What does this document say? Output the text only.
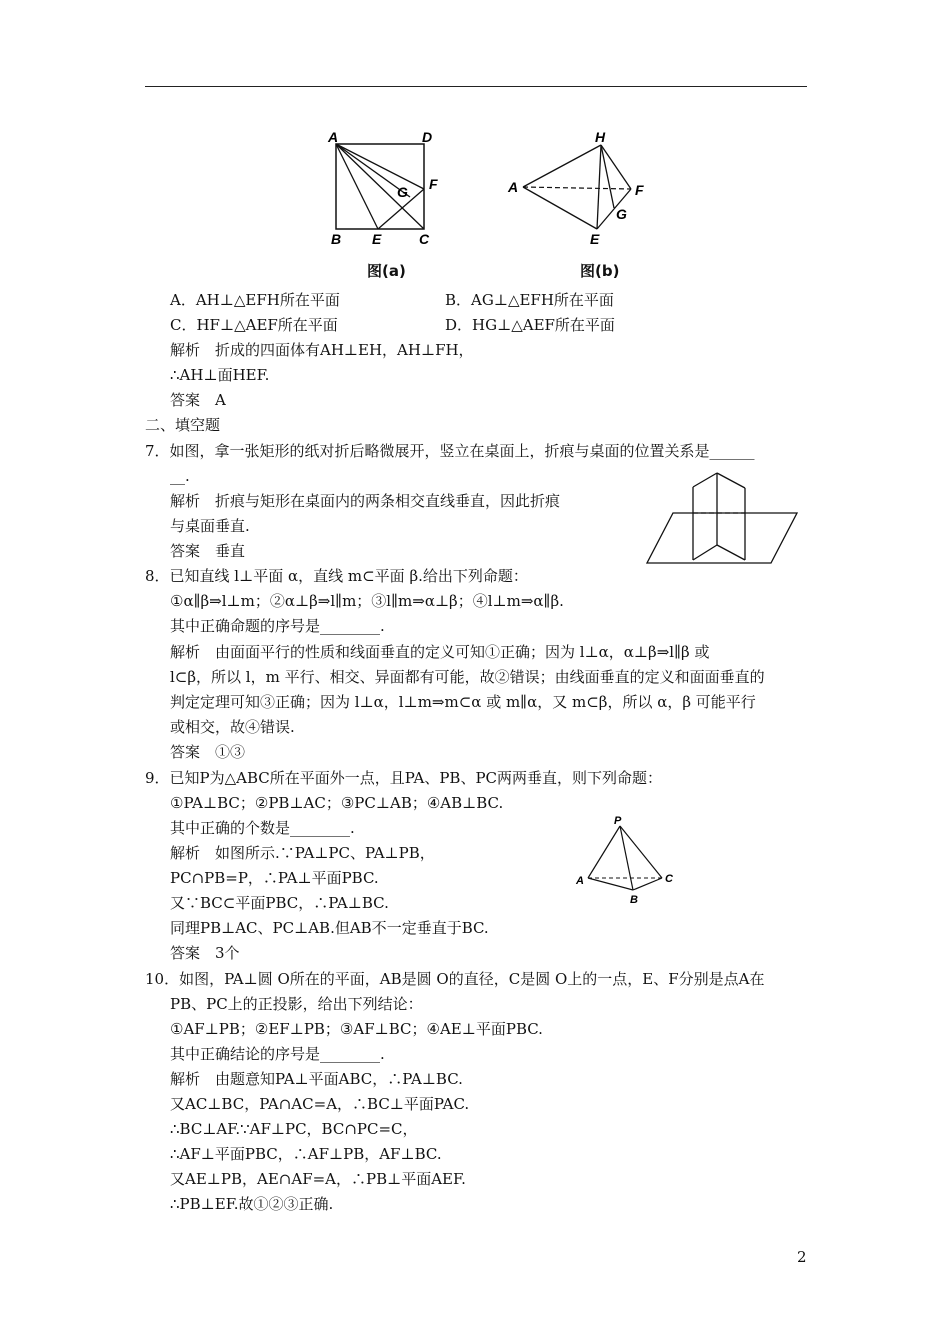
A	D
G F
B E	C
图(a)
H
A	F
G
E
图(b)
A．AH⊥△EFH所在平面	B．AG⊥△EFH所在平面
C．HF⊥△AEF所在平面	D．HG⊥△AEF所在平面
解析　折成的四面体有AH⊥EH，AH⊥FH，
∴AH⊥面HEF.
答案　A
二、填空题
7．如图，拿一张矩形的纸对折后略微展开，竖立在桌面上，折痕与桌面的位置关系是______
__.
解析　折痕与矩形在桌面内的两条相交直线垂直，因此折痕
与桌面垂直.
答案　垂直
8．已知直线 l⊥平面 α，直线 m⊂平面 β.给出下列命题：
①α∥β⇒l⊥m；②α⊥β⇒l∥m；③l∥m⇒α⊥β；④l⊥m⇒α∥β.
其中正确命题的序号是________.
解析　由面面平行的性质和线面垂直的定义可知①正确；因为 l⊥α，α⊥β⇒l∥β 或
l⊂β，所以 l，m 平行、相交、异面都有可能，故②错误；由线面垂直的定义和面面垂直的
判定定理可知③正确；因为 l⊥α，l⊥m⇒m⊂α 或 m∥α，又 m⊂β，所以 α，β 可能平行
或相交，故④错误.
答案　①③
9．已知P为△ABC所在平面外一点，且PA、PB、PC两两垂直，则下列命题：
①PA⊥BC；②PB⊥AC；③PC⊥AB；④AB⊥BC.
其中正确的个数是________.
解析　如图所示.∵PA⊥PC、PA⊥PB，
PC∩PB=P，∴PA⊥平面PBC.
又∵BC⊂平面PBC，∴PA⊥BC.
同理PB⊥AC、PC⊥AB.但AB不一定垂直于BC.
答案　3个
P
A	C
B
10．如图，PA⊥圆 O所在的平面，AB是圆 O的直径，C是圆 O上的一点，E、F分别是点A在
PB、PC上的正投影，给出下列结论：
①AF⊥PB；②EF⊥PB；③AF⊥BC；④AE⊥平面PBC.
其中正确结论的序号是________.
解析　由题意知PA⊥平面ABC，∴PA⊥BC.
又AC⊥BC，PA∩AC=A，∴BC⊥平面PAC.
∴BC⊥AF.∵AF⊥PC，BC∩PC=C，
∴AF⊥平面PBC，∴AF⊥PB，AF⊥BC.
又AE⊥PB，AE∩AF=A，∴PB⊥平面AEF.
∴PB⊥EF.故①②③正确.
2
